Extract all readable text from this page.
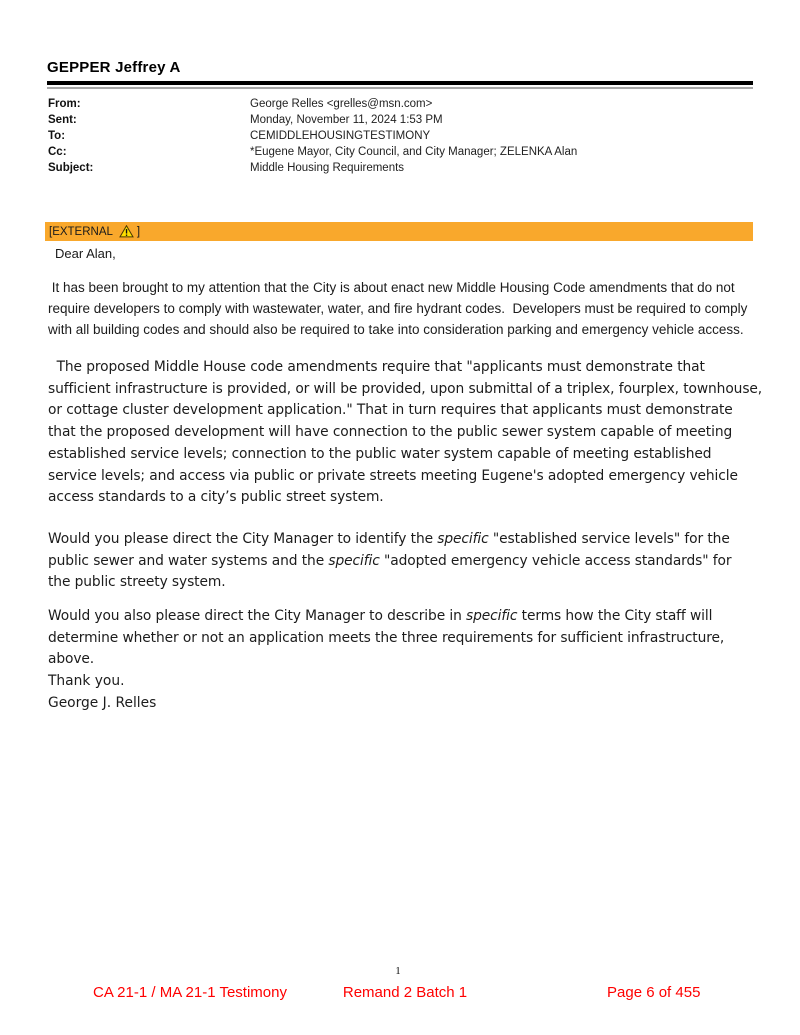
GEPPER Jeffrey A
From:	George Relles <grelles@msn.com>
Sent:	Monday, November 11, 2024 1:53 PM
To:	CEMIDDLEHOUSINGTESTIMONY
Cc:	*Eugene Mayor, City Council, and City Manager; ZELENKA Alan
Subject:	Middle Housing Requirements
[EXTERNAL ]
Dear Alan,

It has been brought to my attention that the City is about enact new Middle Housing Code amendments that do not require developers to comply with wastewater, water, and fire hydrant codes.  Developers must be required to comply with all building codes and should also be required to take into consideration parking and emergency vehicle access.

The proposed Middle House code amendments require that "applicants must demonstrate that sufficient infrastructure is provided, or will be provided, upon submittal of a triplex, fourplex, townhouse, or cottage cluster development application." That in turn requires that applicants must demonstrate that the proposed development will have connection to the public sewer system capable of meeting established service levels; connection to the public water system capable of meeting established service levels; and access via public or private streets meeting Eugene's adopted emergency vehicle access standards to a city’s public street system.

Would you please direct the City Manager to identify the specific "established service levels" for the public sewer and water systems and the specific "adopted emergency vehicle access standards" for the public streety system.

Would you also please direct the City Manager to describe in specific terms how the City staff will determine whether or not an application meets the three requirements for sufficient infrastructure, above.

Thank you.
George J. Relles
1
CA 21-1 / MA 21-1 Testimony	Remand 2 Batch 1	Page 6 of 455
